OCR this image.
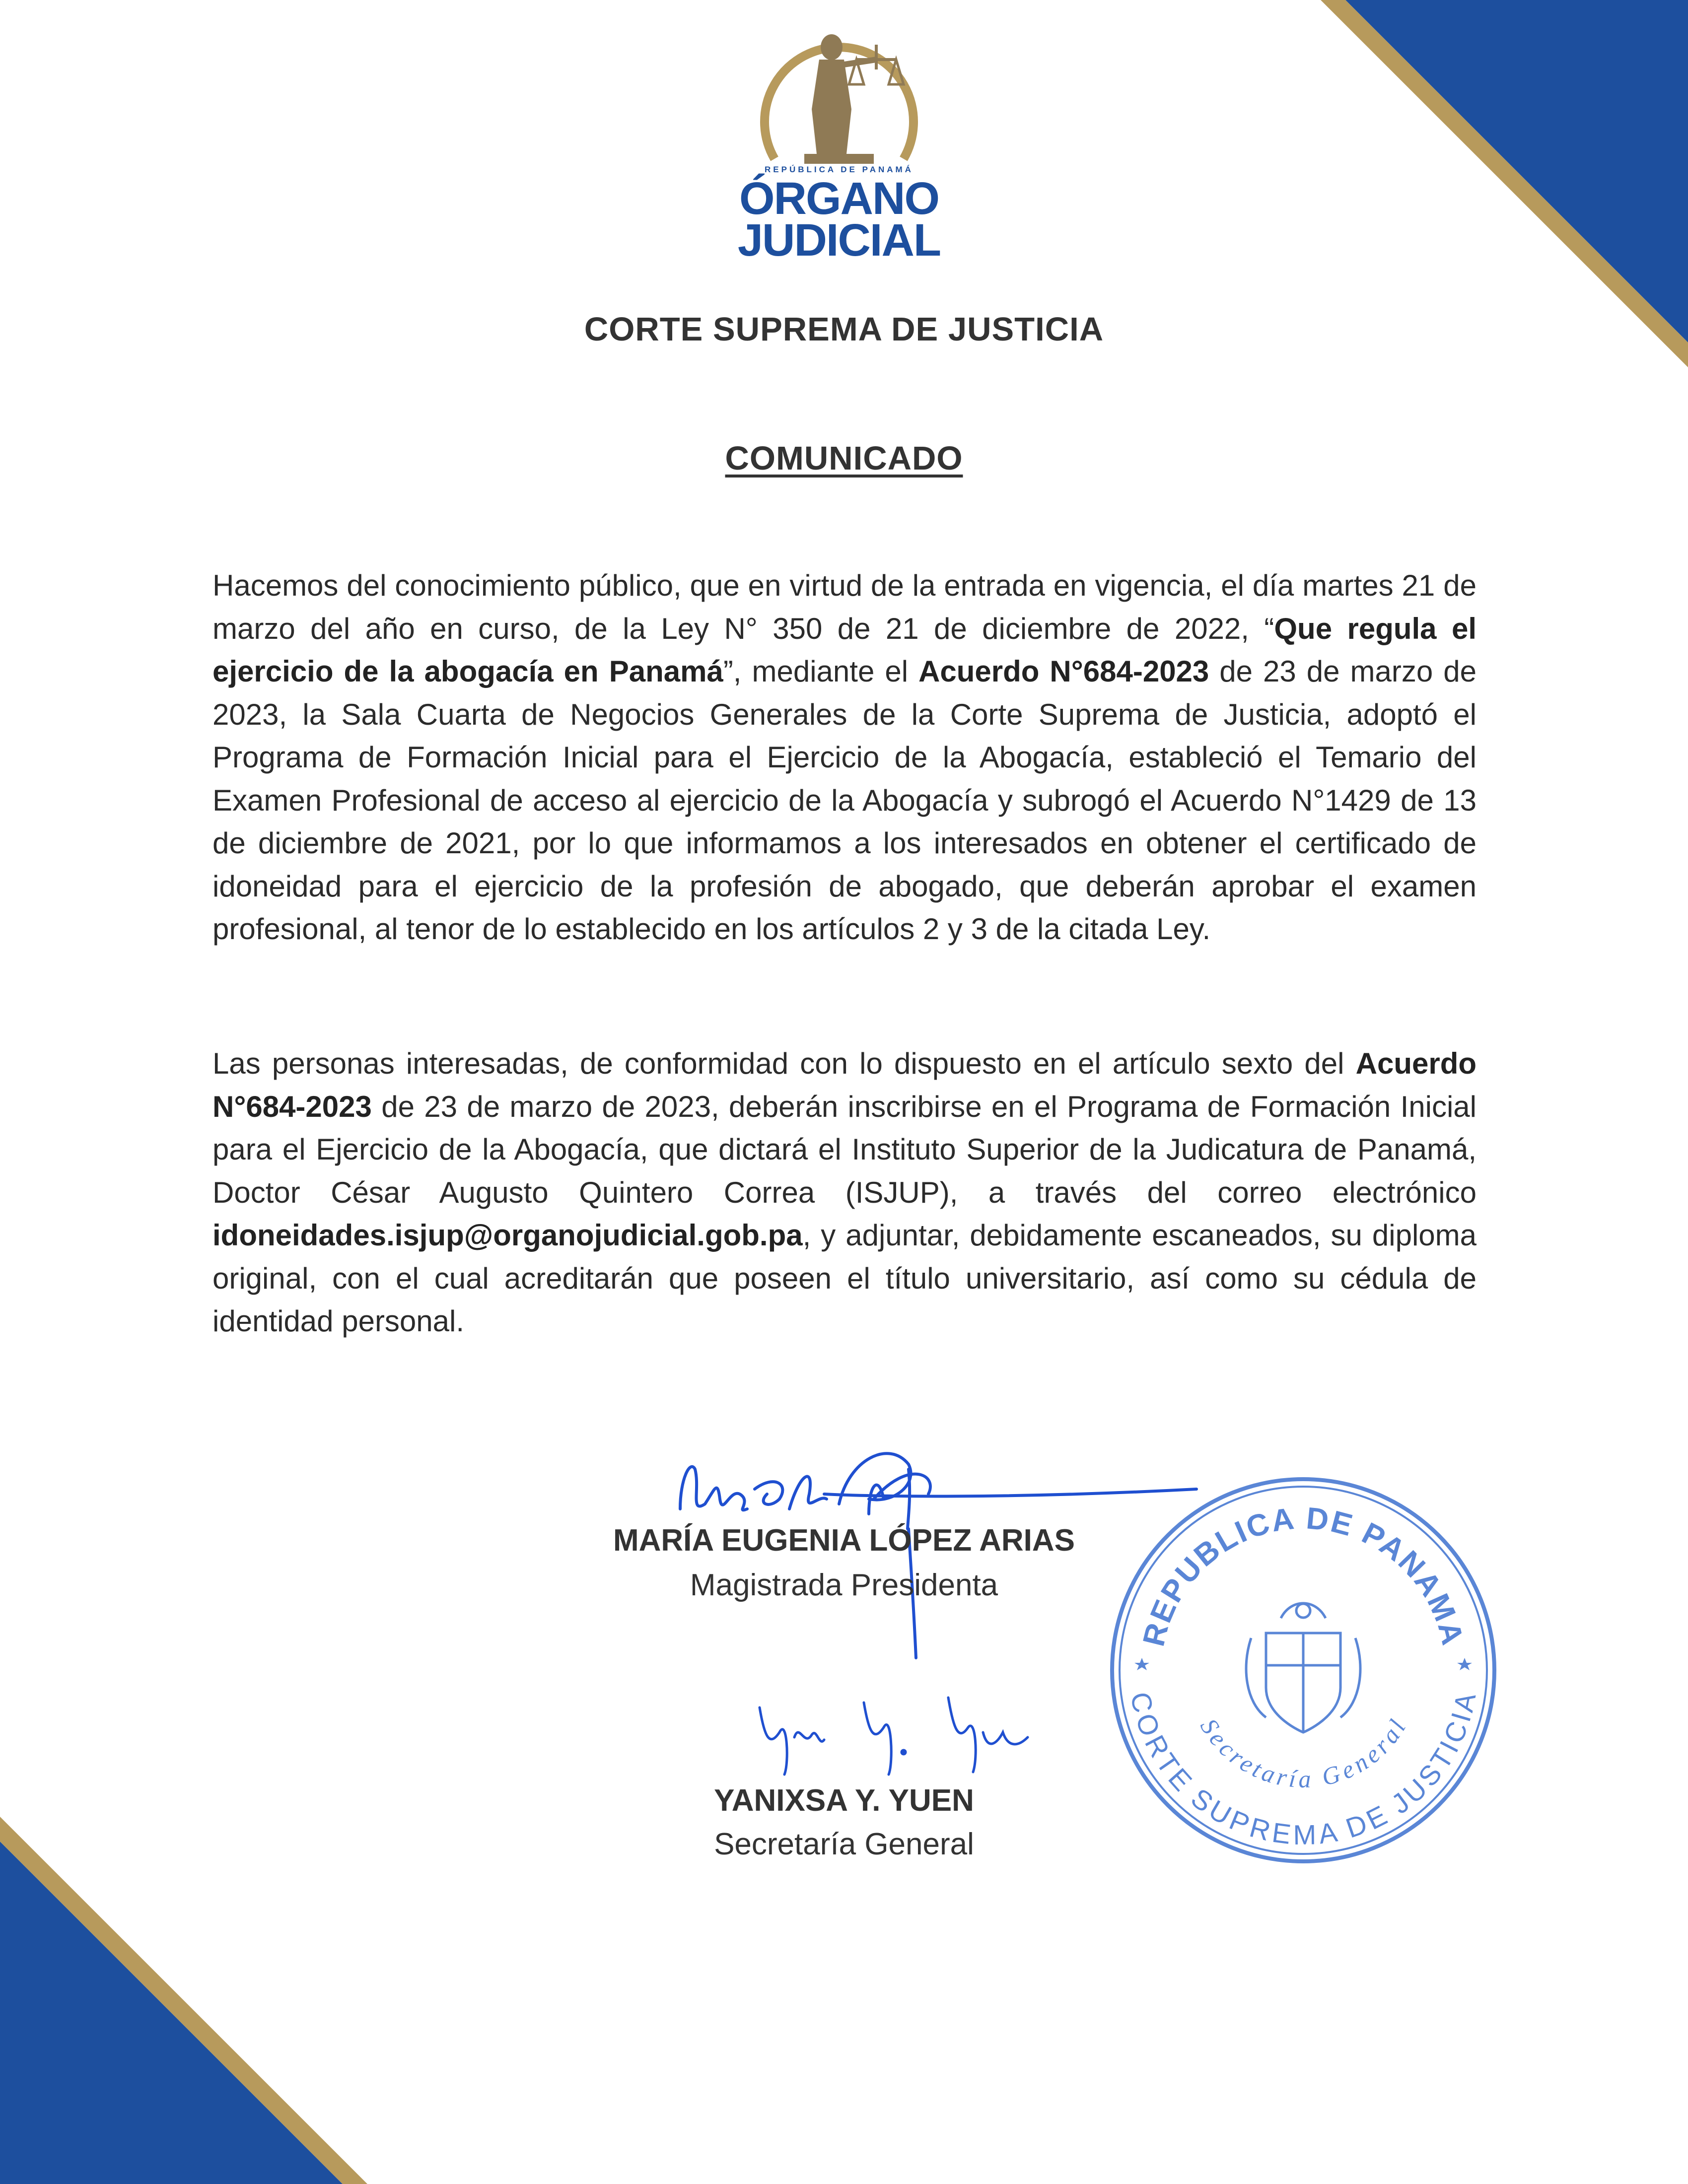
REPÚBLICA DE PANAMÁ
ÓRGANO
JUDICIAL
CORTE SUPREMA DE JUSTICIA
COMUNICADO
Hacemos del conocimiento público, que en virtud de la entrada en vigencia, el día martes 21 de marzo del año en curso, de la Ley N° 350 de 21 de diciembre de 2022, “Que regula el ejercicio de la abogacía en Panamá”, mediante el Acuerdo N°684-2023 de 23 de marzo de 2023, la Sala Cuarta de Negocios Generales de la Corte Suprema de Justicia, adoptó el Programa de Formación Inicial para el Ejercicio de la Abogacía, estableció el Temario del Examen Profesional de acceso al ejercicio de la Abogacía y subrogó el Acuerdo N°1429 de 13 de diciembre de 2021, por lo que informamos a los interesados en obtener el certificado de idoneidad para el ejercicio de la profesión de abogado, que deberán aprobar el examen profesional, al tenor de lo establecido en los artículos 2 y 3 de la citada Ley.
Las personas interesadas, de conformidad con lo dispuesto en el artículo sexto del Acuerdo N°684-2023 de 23 de marzo de 2023, deberán inscribirse en el Programa de Formación Inicial para el Ejercicio de la Abogacía, que dictará el Instituto Superior de la Judicatura de Panamá, Doctor César Augusto Quintero Correa (ISJUP), a través del correo electrónico idoneidades.isjup@organojudicial.gob.pa, y adjuntar, debidamente escaneados, su diploma original, con el cual acreditarán que poseen el título universitario, así como su cédula de identidad personal.
MARÍA EUGENIA LÓPEZ ARIAS
Magistrada Presidenta
YANIXSA Y. YUEN
Secretaría General
REPUBLICA DE PANAMA
CORTE SUPREMA DE JUSTICIA
Secretaría General
